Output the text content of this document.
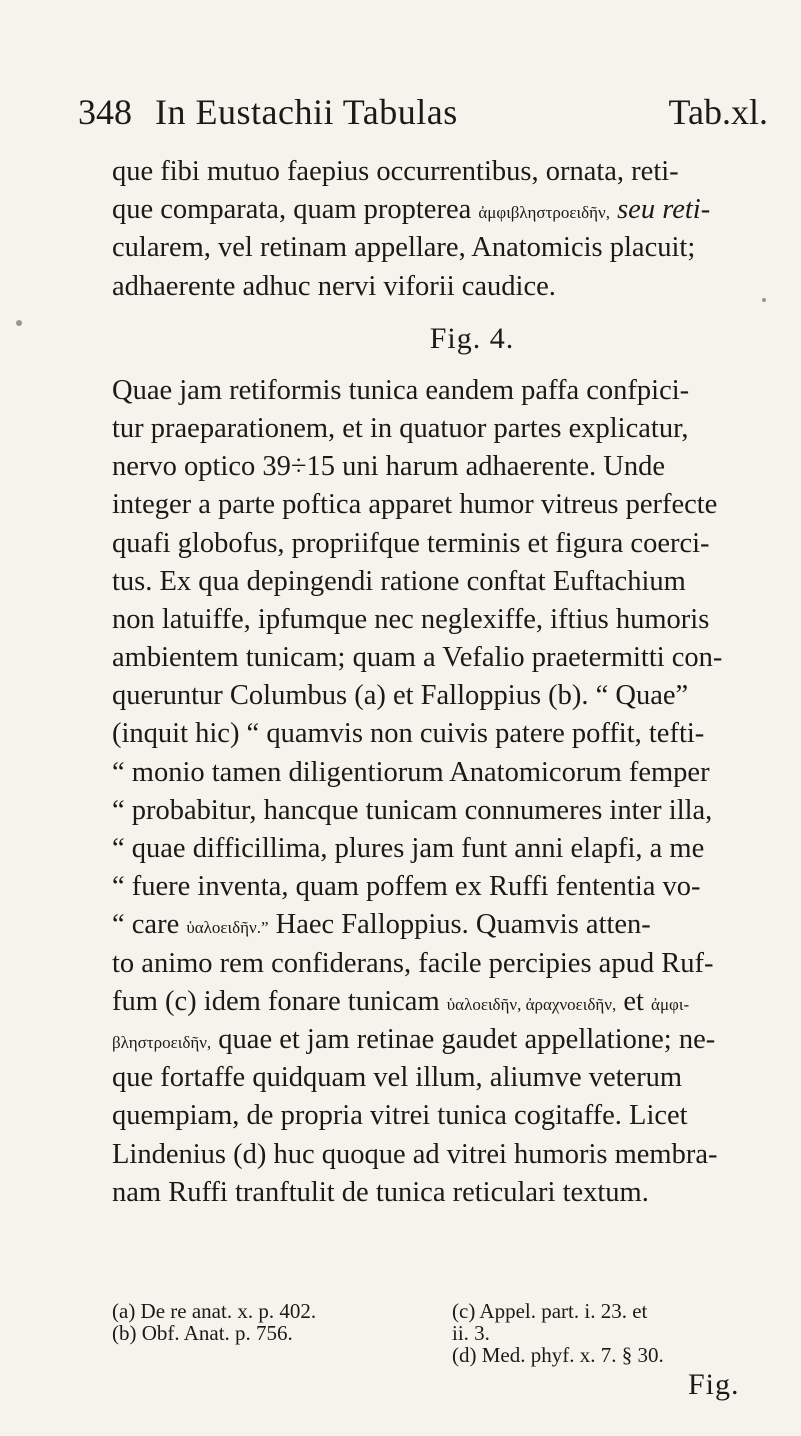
348 In Eustachii Tabulas	Tab.xl.
que fibi mutuo faepius occurrentibus, ornata, reti-
que comparata, quam propterea ἀμφιβληστροειδῆν, seu reti-
cularem, vel retinam appellare, Anatomicis placuit;
adhaerente adhuc nervi viforii caudice.
Fig. 4.
Quae jam retiformis tunica eandem paffa confpici-
tur praeparationem, et in quatuor partes explicatur,
nervo optico 39÷15 uni harum adhaerente. Unde
integer a parte poftica apparet humor vitreus perfecte
quafi globofus, propriifque terminis et figura coerci-
tus. Ex qua depingendi ratione conftat Euftachium
non latuiffe, ipfumque nec neglexiffe, iftius humoris
ambientem tunicam; quam a Vefalio praetermitti con-
queruntur Columbus (a) et Falloppius (b). “ Quae”
(inquit hic) “ quamvis non cuivis patere poffit, tefti-
“ monio tamen diligentiorum Anatomicorum femper
“ probabitur, hancque tunicam connumeres inter illa,
“ quae difficillima, plures jam funt anni elapfi, a me
“ fuere inventa, quam poffem ex Ruffi fententia vo-
“ care ὑαλοειδῆν.” Haec Falloppius. Quamvis atten-
to animo rem confiderans, facile percipies apud Ruf-
fum (c) idem fonare tunicam ὑαλοειδῆν, ἀραχνοειδῆν, et ἀμφι-
βληστροειδῆν, quae et jam retinae gaudet appellatione; ne-
que fortaffe quidquam vel illum, aliumve veterum
quempiam, de propria vitrei tunica cogitaffe. Licet
Lindenius (d) huc quoque ad vitrei humoris membra-
nam Ruffi tranftulit de tunica reticulari textum.
(a) De re anat. x. p. 402.
(b) Obf. Anat. p. 756.
(c) Appel. part. i. 23. et
ii. 3.
(d) Med. phyf. x. 7. § 30.
Fig.
